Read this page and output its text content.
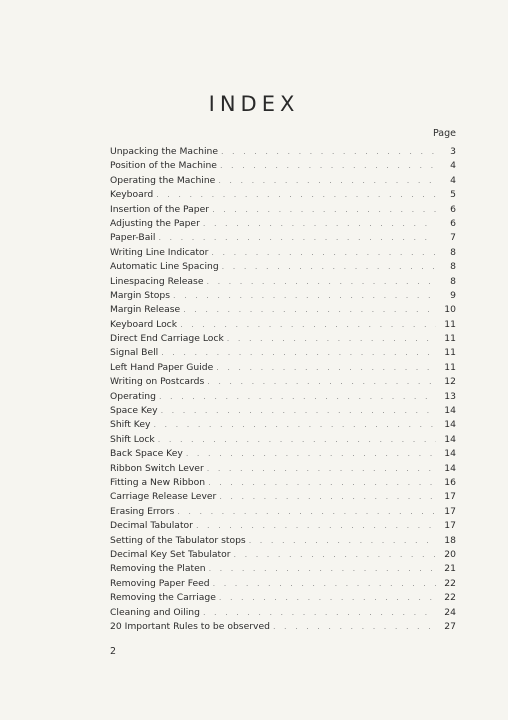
INDEX
Page
Unpacking the Machine . . .	3
Position of the Machine . . .	4
Operating the Machine . . .	4
Keyboard . . .	5
Insertion of the Paper . . .	6
Adjusting the Paper . . .	6
Paper-Bail . . .	7
Writing Line Indicator . . .	8
Automatic Line Spacing . . .	8
Linespacing Release . . .	8
Margin Stops . . .	9
Margin Release . . .	10
Keyboard Lock . . .	11
Direct End Carriage Lock . . .	11
Signal Bell . . .	11
Left Hand Paper Guide . . .	11
Writing on Postcards . . .	12
Operating . . .	13
Space Key . . .	14
Shift Key . . .	14
Shift Lock . . .	14
Back Space Key . . .	14
Ribbon Switch Lever . . .	14
Fitting a New Ribbon . . .	16
Carriage Release Lever . . .	17
Erasing Errors . . .	17
Decimal Tabulator . . .	17
Setting of the Tabulator stops . . .	18
Decimal Key Set Tabulator . . .	20
Removing the Platen . . .	21
Removing Paper Feed . . .	22
Removing the Carriage . . .	22
Cleaning and Oiling . . .	24
20 Important Rules to be observed . . .	27
2
